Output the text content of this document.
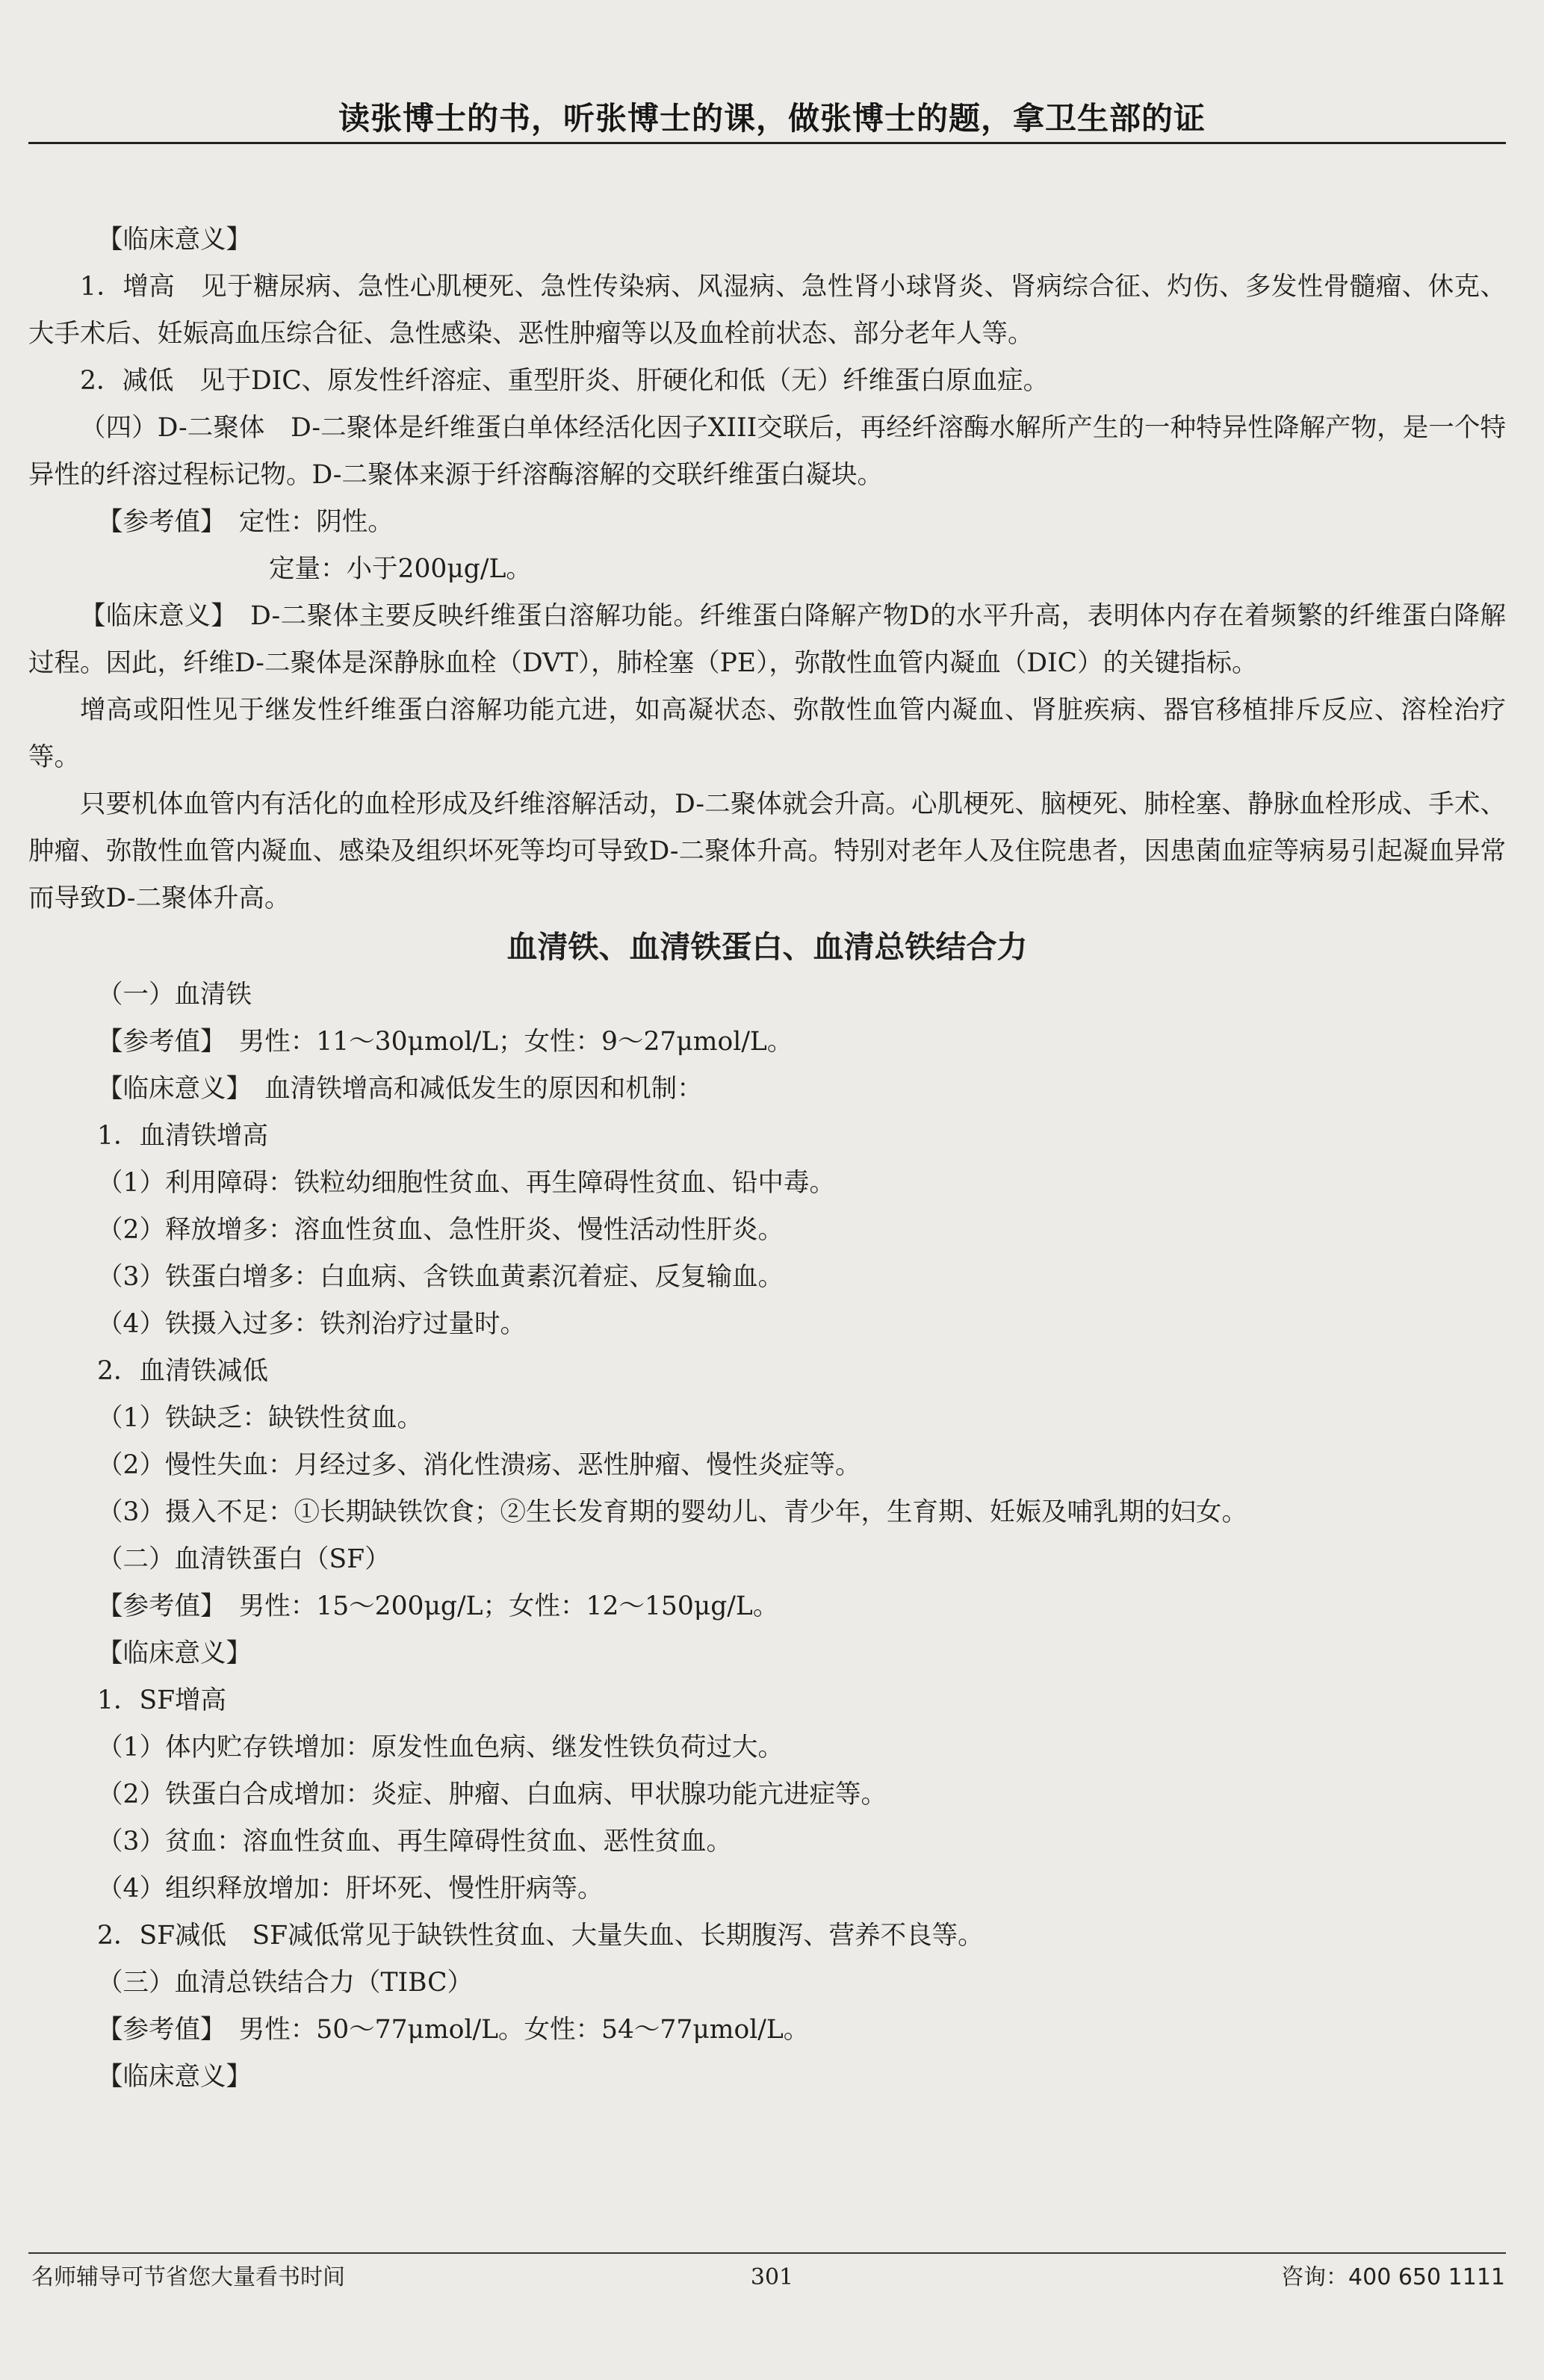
读张博士的书，听张博士的课，做张博士的题，拿卫生部的证

【临床意义】

1．增高　见于糖尿病、急性心肌梗死、急性传染病、风湿病、急性肾小球肾炎、肾病综合征、灼伤、多发性骨髓瘤、休克、大手术后、妊娠高血压综合征、急性感染、恶性肿瘤等以及血栓前状态、部分老年人等。

2．减低　见于DIC、原发性纤溶症、重型肝炎、肝硬化和低（无）纤维蛋白原血症。

（四）D-二聚体　D-二聚体是纤维蛋白单体经活化因子XIII交联后，再经纤溶酶水解所产生的一种特异性降解产物，是一个特异性的纤溶过程标记物。D-二聚体来源于纤溶酶溶解的交联纤维蛋白凝块。

【参考值】　定性：阴性。

定量：小于200μg/L。

【临床意义】　D-二聚体主要反映纤维蛋白溶解功能。纤维蛋白降解产物D的水平升高，表明体内存在着频繁的纤维蛋白降解过程。因此，纤维D-二聚体是深静脉血栓（DVT），肺栓塞（PE），弥散性血管内凝血（DIC）的关键指标。

增高或阳性见于继发性纤维蛋白溶解功能亢进，如高凝状态、弥散性血管内凝血、肾脏疾病、器官移植排斥反应、溶栓治疗等。

只要机体血管内有活化的血栓形成及纤维溶解活动，D-二聚体就会升高。心肌梗死、脑梗死、肺栓塞、静脉血栓形成、手术、肿瘤、弥散性血管内凝血、感染及组织坏死等均可导致D-二聚体升高。特别对老年人及住院患者，因患菌血症等病易引起凝血异常而导致D-二聚体升高。

血清铁、血清铁蛋白、血清总铁结合力

（一）血清铁

【参考值】　男性：11～30μmol/L；女性：9～27μmol/L。

【临床意义】　血清铁增高和减低发生的原因和机制：

1．血清铁增高

（1）利用障碍：铁粒幼细胞性贫血、再生障碍性贫血、铅中毒。

（2）释放增多：溶血性贫血、急性肝炎、慢性活动性肝炎。

（3）铁蛋白增多：白血病、含铁血黄素沉着症、反复输血。

（4）铁摄入过多：铁剂治疗过量时。

2．血清铁减低

（1）铁缺乏：缺铁性贫血。

（2）慢性失血：月经过多、消化性溃疡、恶性肿瘤、慢性炎症等。

（3）摄入不足：①长期缺铁饮食；②生长发育期的婴幼儿、青少年，生育期、妊娠及哺乳期的妇女。

（二）血清铁蛋白（SF）

【参考值】　男性：15～200μg/L；女性：12～150μg/L。

【临床意义】

1．SF增高

（1）体内贮存铁增加：原发性血色病、继发性铁负荷过大。

（2）铁蛋白合成增加：炎症、肿瘤、白血病、甲状腺功能亢进症等。

（3）贫血：溶血性贫血、再生障碍性贫血、恶性贫血。

（4）组织释放增加：肝坏死、慢性肝病等。

2．SF减低　SF减低常见于缺铁性贫血、大量失血、长期腹泻、营养不良等。

（三）血清总铁结合力（TIBC）

【参考值】　男性：50～77μmol/L。女性：54～77μmol/L。

【临床意义】

名师辅导可节省您大量看书时间	301	咨询：400 650 1111
